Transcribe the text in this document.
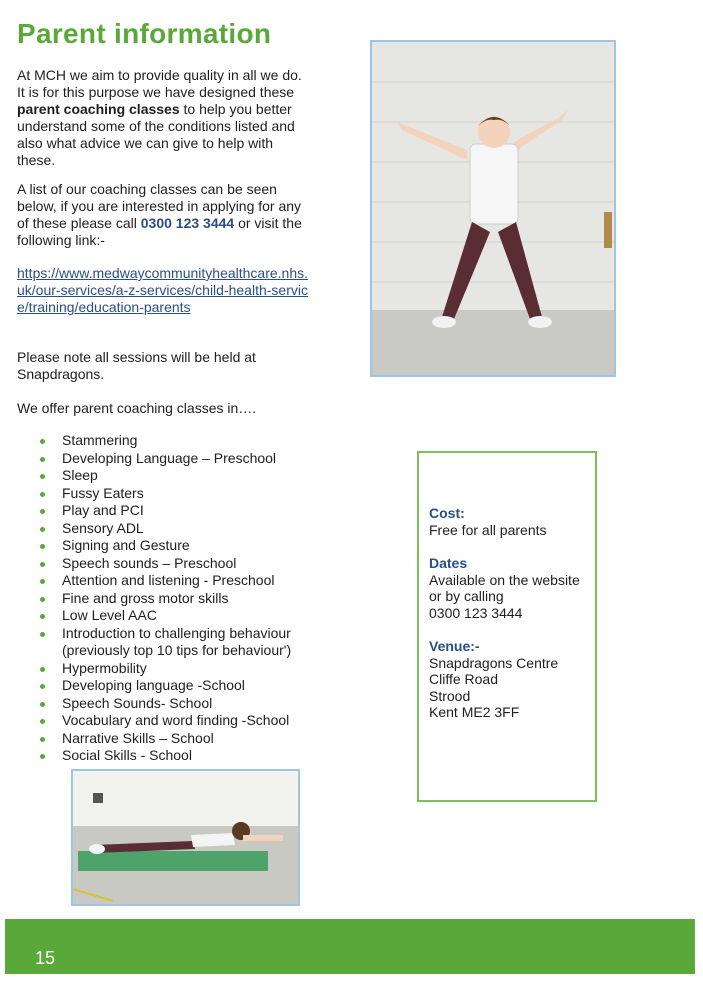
Parent information

At MCH we aim to provide quality in all we do. It is for this purpose we have designed these parent coaching classes to help you better understand some of the conditions listed and also what advice we can give to help with these.

A list of our coaching classes can be seen below, if you are interested in applying for any of these please call 0300 123 3444 or visit the following link:-

https://www.medwaycommunityhealthcare.nhs.uk/our-services/a-z-services/child-health-service/training/education-parents
Please note all sessions will be held at Snapdragons.
We offer parent coaching classes in….
Stammering
Developing Language – Preschool
Sleep
Fussy Eaters
Play and PCI
Sensory ADL
Signing and Gesture
Speech sounds – Preschool
Attention and listening - Preschool
Fine and gross motor skills
Low Level AAC
Introduction to challenging behaviour (previously top 10 tips for behaviour')
Hypermobility
Developing language -School
Speech Sounds- School
Vocabulary and word finding -School
Narrative Skills – School
Social Skills - School
Cost:
Free for all parents
Dates
Available on the website
or by calling
0300 123 3444
Venue:-
Snapdragons Centre
Cliffe Road
Strood
Kent ME2 3FF
15
